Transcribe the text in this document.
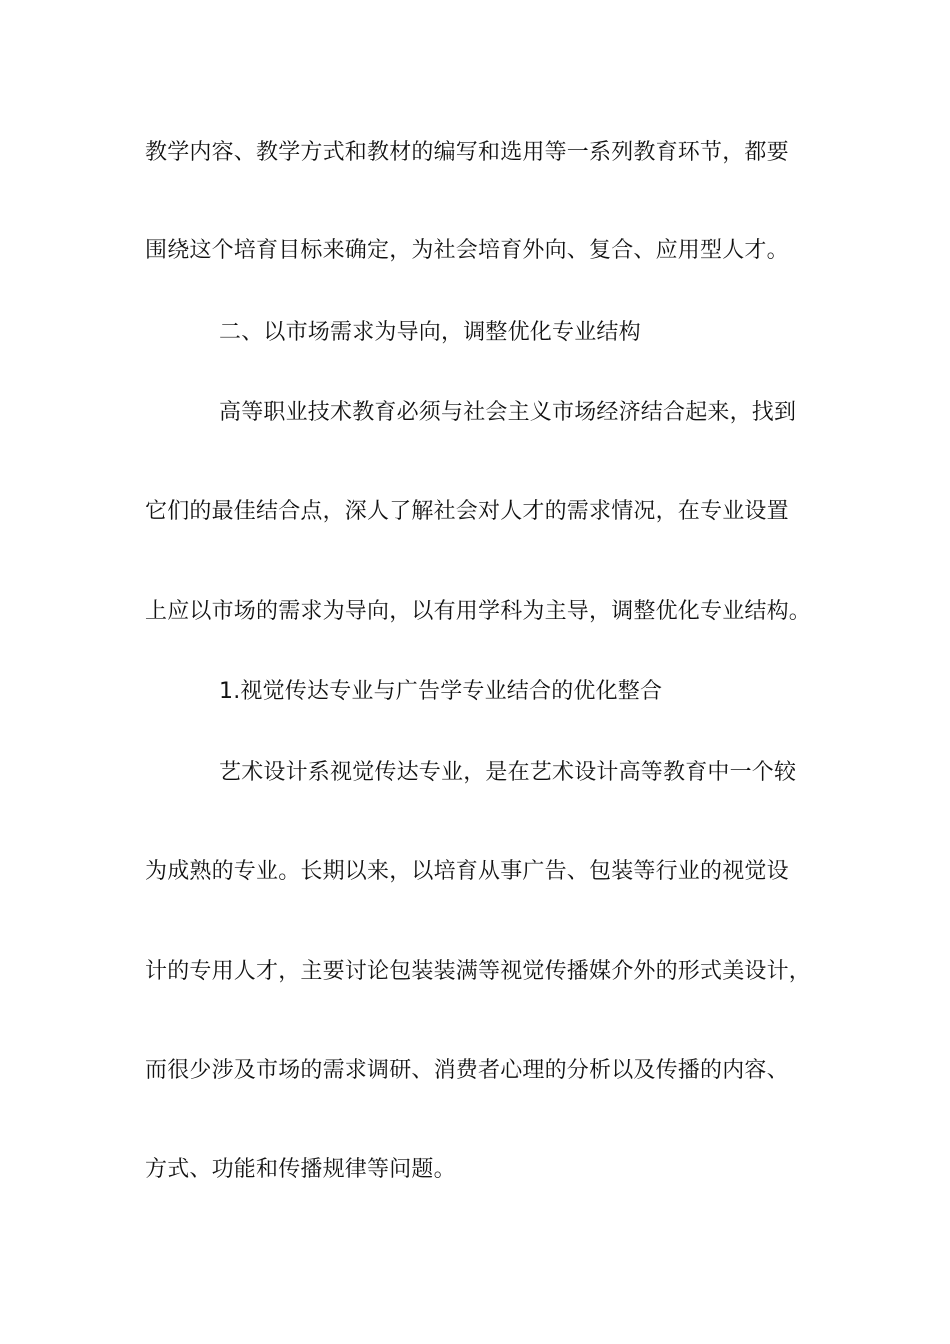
教学内容、教学方式和教材的编写和选用等一系列教育环节，都要
围绕这个培育目标来确定，为社会培育外向、复合、应用型人才。
二、以市场需求为导向，调整优化专业结构
高等职业技术教育必须与社会主义市场经济结合起来，找到
它们的最佳结合点，深人了解社会对人才的需求情况，在专业设置
上应以市场的需求为导向，以有用学科为主导，调整优化专业结构。
1.视觉传达专业与广告学专业结合的优化整合
艺术设计系视觉传达专业，是在艺术设计高等教育中一个较
为成熟的专业。长期以来，以培育从事广告、包装等行业的视觉设
计的专用人才，主要讨论包装装满等视觉传播媒介外的形式美设计，
而很少涉及市场的需求调研、消费者心理的分析以及传播的内容、
方式、功能和传播规律等问题。
